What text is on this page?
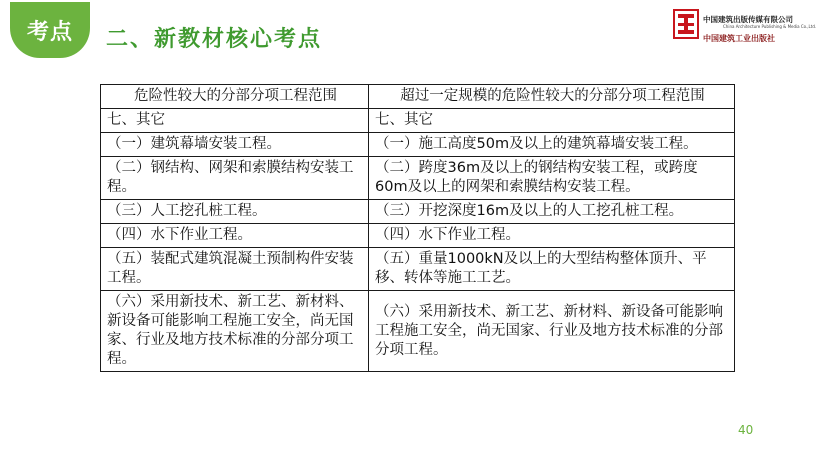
考点 二、新教材核心考点
中国建筑出版传媒有限公司
China Architecture Publishing & Media Co.,Ltd.
中国建筑工业出版社
危险性较大的分部分项工程范围	超过一定规模的危险性较大的分部分项工程范围
七、其它	七、其它
（一）建筑幕墙安装工程。	（一）施工高度50m及以上的建筑幕墙安装工程。
（二）钢结构、网架和索膜结构安装工程。	（二）跨度36m及以上的钢结构安装工程，或跨度60m及以上的网架和索膜结构安装工程。
（三）人工挖孔桩工程。	（三）开挖深度16m及以上的人工挖孔桩工程。
（四）水下作业工程。	（四）水下作业工程。
（五）装配式建筑混凝土预制构件安装工程。	（五）重量1000kN及以上的大型结构整体顶升、平移、转体等施工工艺。
（六）采用新技术、新工艺、新材料、新设备可能影响工程施工安全，尚无国家、行业及地方技术标准的分部分项工程。	（六）采用新技术、新工艺、新材料、新设备可能影响工程施工安全，尚无国家、行业及地方技术标准的分部分项工程。
40
